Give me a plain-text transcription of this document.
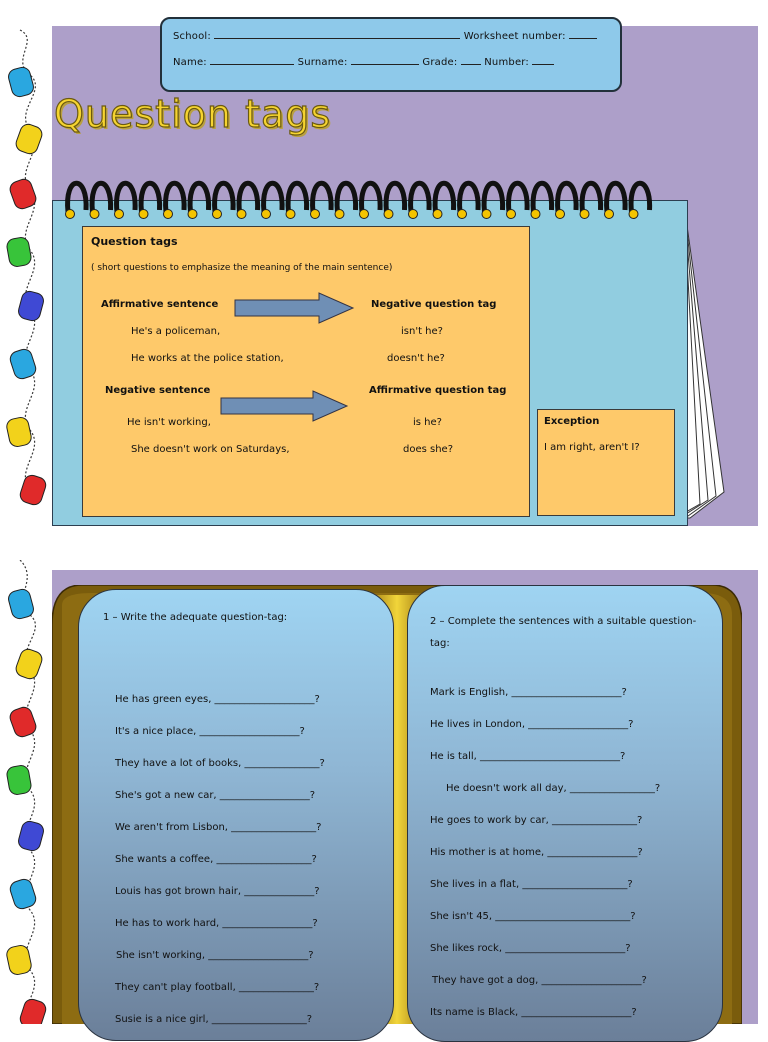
School:	Worksheet number:
Name:	Surname:	Grade:	Number:
Question tags
Question tags
( short questions to emphasize the meaning of the main sentence)
Affirmative sentence	Negative question tag
He's a policeman,	isn't he?
He works at the police station,	doesn't he?
Negative sentence	Affirmative question tag
He isn't working,	is he?
She doesn't work on Saturdays,	does she?
Exception
I am right, aren't I?
1 – Write the adequate question-tag:
He has green eyes, ____________________?
It's a nice place, ____________________?
They have a lot of books, _______________?
She's got a new car, __________________?
We aren't from Lisbon, _________________?
She wants a coffee, ___________________?
Louis has got brown hair, ______________?
He has to work hard, __________________?
She isn't working, ____________________?
They can't play football, _______________?
Susie is a nice girl, ___________________?
2 – Complete the sentences with a suitable question-
tag:
Mark is English, ______________________?
He lives in London, ____________________?
He is tall, ____________________________?
He doesn't work all day, _________________?
He goes to work by car, _________________?
His mother is at home, __________________?
She lives in a flat, _____________________?
She isn't 45, ___________________________?
She likes rock, ________________________?
They have got a dog, ____________________?
Its name is Black, ______________________?
